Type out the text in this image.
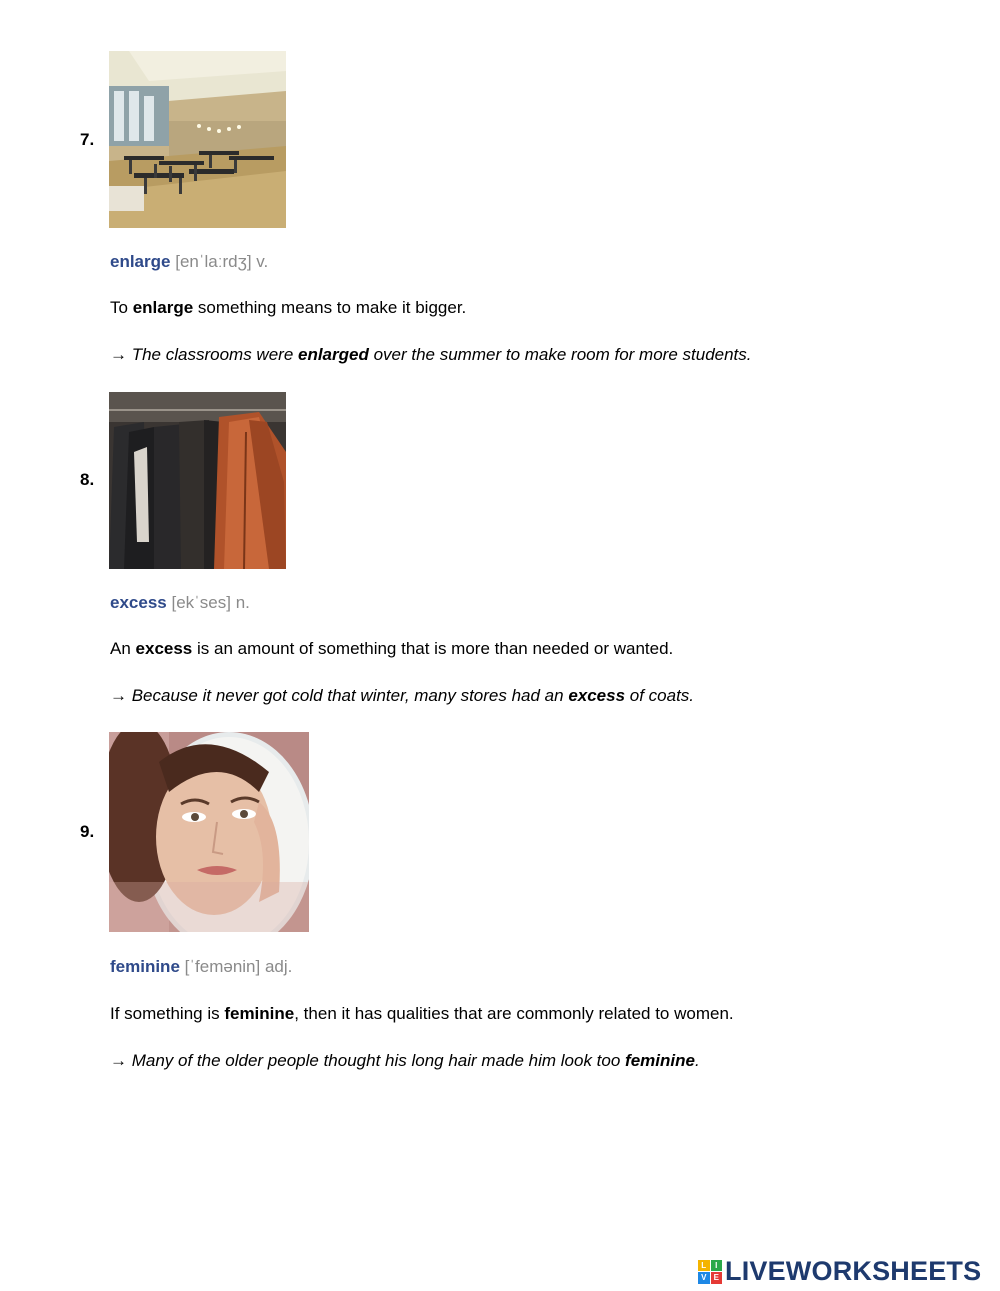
7.
enlarge [enˈlaːrdʒ] v.
To enlarge something means to make it bigger.
→ The classrooms were enlarged over the summer to make room for more students.
8.
excess [ekˈses] n.
An excess is an amount of something that is more than needed or wanted.
→ Because it never got cold that winter, many stores had an excess of coats.
9.
feminine [ˈfemənin] adj.
If something is feminine, then it has qualities that are commonly related to women.
→ Many of the older people thought his long hair made him look too feminine.
L	I
V E LIVEWORKSHEETS
